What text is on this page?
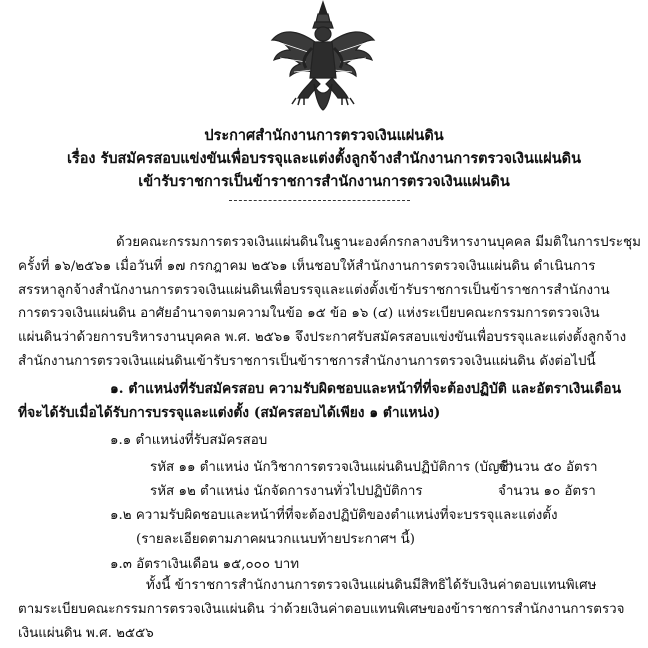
ประกาศสำนักงานการตรวจเงินแผ่นดิน
เรื่อง รับสมัครสอบแข่งขันเพื่อบรรจุและแต่งตั้งลูกจ้างสำนักงานการตรวจเงินแผ่นดิน
เข้ารับราชการเป็นข้าราชการสำนักงานการตรวจเงินแผ่นดิน
ด้วยคณะกรรมการตรวจเงินแผ่นดินในฐานะองค์กรกลางบริหารงานบุคคล มีมติในการประชุม
ครั้งที่ ๑๖/๒๕๖๑ เมื่อวันที่ ๑๗ กรกฎาคม ๒๕๖๑ เห็นชอบให้สำนักงานการตรวจเงินแผ่นดิน ดำเนินการ
สรรหาลูกจ้างสำนักงานการตรวจเงินแผ่นดินเพื่อบรรจุและแต่งตั้งเข้ารับราชการเป็นข้าราชการสำนักงาน
การตรวจเงินแผ่นดิน อาศัยอำนาจตามความในข้อ ๑๕ ข้อ ๑๖ (๔) แห่งระเบียบคณะกรรมการตรวจเงิน
แผ่นดินว่าด้วยการบริหารงานบุคคล พ.ศ. ๒๕๖๑ จึงประกาศรับสมัครสอบแข่งขันเพื่อบรรจุและแต่งตั้งลูกจ้าง
สำนักงานการตรวจเงินแผ่นดินเข้ารับราชการเป็นข้าราชการสำนักงานการตรวจเงินแผ่นดิน ดังต่อไปนี้
๑. ตำแหน่งที่รับสมัครสอบ ความรับผิดชอบและหน้าที่ที่จะต้องปฏิบัติ และอัตราเงินเดือน
ที่จะได้รับเมื่อได้รับการบรรจุและแต่งตั้ง (สมัครสอบได้เพียง ๑ ตำแหน่ง)
๑.๑ ตำแหน่งที่รับสมัครสอบ
รหัส ๑๑ ตำแหน่ง นักวิชาการตรวจเงินแผ่นดินปฏิบัติการ (บัญชี)
จำนวน ๕๐ อัตรา
รหัส ๑๒ ตำแหน่ง นักจัดการงานทั่วไปปฏิบัติการ	จำนวน ๑๐ อัตรา
๑.๒ ความรับผิดชอบและหน้าที่ที่จะต้องปฏิบัติของตำแหน่งที่จะบรรจุและแต่งตั้ง
(รายละเอียดตามภาคผนวกแนบท้ายประกาศฯ นี้)
๑.๓ อัตราเงินเดือน ๑๕,๐๐๐ บาท
ทั้งนี้ ข้าราชการสำนักงานการตรวจเงินแผ่นดินมีสิทธิได้รับเงินค่าตอบแทนพิเศษ
ตามระเบียบคณะกรรมการตรวจเงินแผ่นดิน ว่าด้วยเงินค่าตอบแทนพิเศษของข้าราชการสำนักงานการตรวจ
เงินแผ่นดิน พ.ศ. ๒๕๕๖
